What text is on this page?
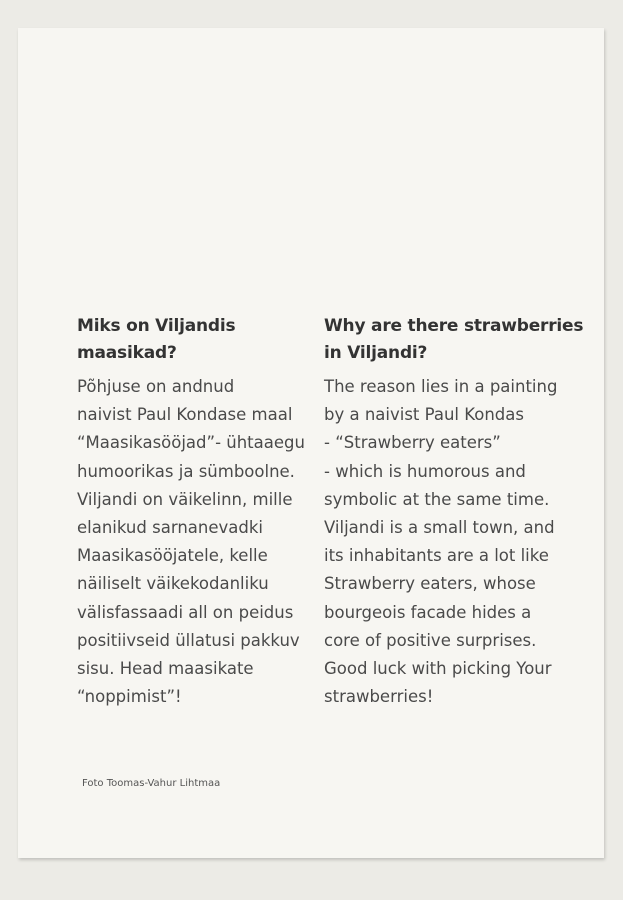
Miks on Viljandis maasikad?

Põhjuse on andnud
naivist Paul Kondase maal
“Maasikasööjad”- ühtaaegu
humoorikas ja sümboolne.
Viljandi on väikelinn, mille
elanikud sarnanevadki
Maasikasööjatele, kelle
näiliselt väikekodanliku
välisfassaadi all on peidus
positiivseid üllatusi pakkuv
sisu. Head maasikate
“noppimist”!

Why are there strawberries
in Viljandi?

The reason lies in a painting
by a naivist Paul Kondas
- “Strawberry eaters”
- which is humorous and
symbolic at the same time.
Viljandi is a small town, and
its inhabitants are a lot like
Strawberry eaters, whose
bourgeois facade hides a
core of positive surprises.
Good luck with picking Your
strawberries!

Foto Toomas-Vahur Lihtmaa
